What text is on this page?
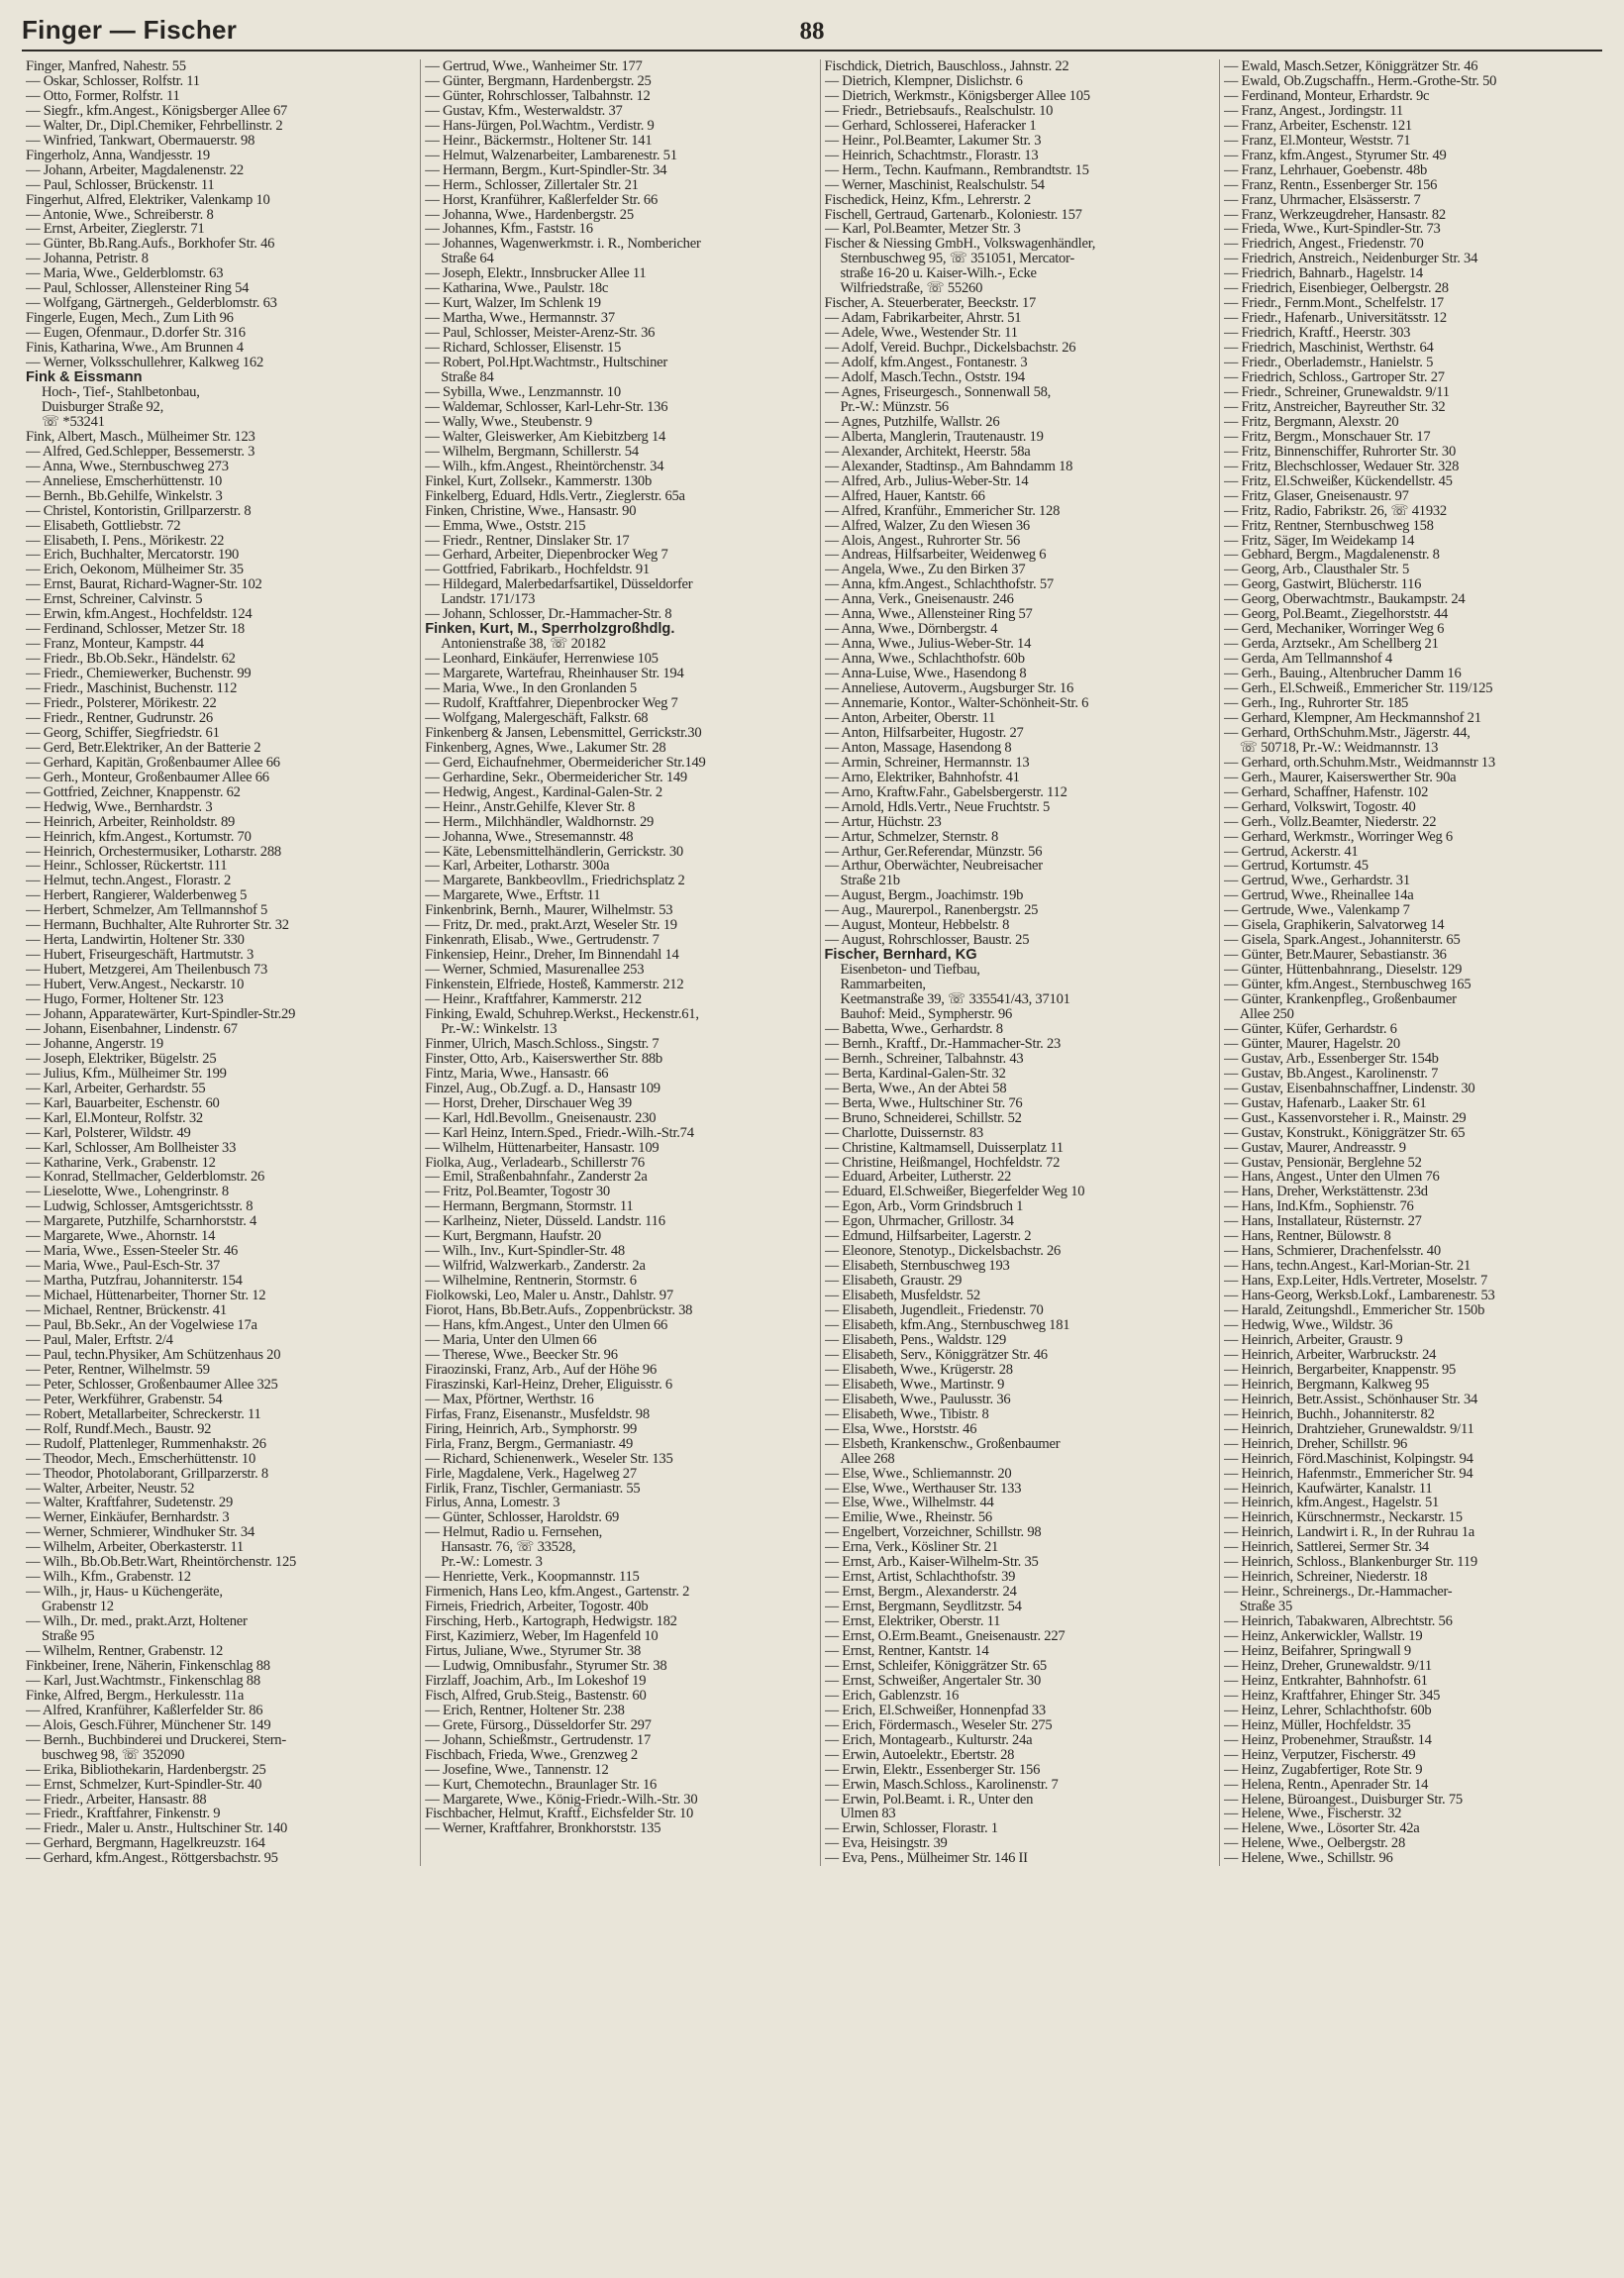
Finger — Fischer	88
Finger, Manfred, Nahestr. 55
— Oskar, Schlosser, Rolfstr. 11
— Otto, Former, Rolfstr. 11
— Siegfr., kfm.Angest., Königsberger Allee 67
— Walter, Dr., Dipl.Chemiker, Fehrbellinstr. 2
— Winfried, Tankwart, Obermauerstr. 98
Fingerholz, Anna, Wandjesstr. 19
— Johann, Arbeiter, Magdalenenstr. 22
— Paul, Schlosser, Brückenstr. 11
Fingerhut, Alfred, Elektriker, Valenkamp 10
— Antonie, Wwe., Schreiberstr. 8
— Ernst, Arbeiter, Zieglerstr. 71
— Günter, Bb.Rang.Aufs., Borkhofer Str. 46
— Johanna, Petristr. 8
— Maria, Wwe., Gelderblomstr. 63
— Paul, Schlosser, Allensteiner Ring 54
— Wolfgang, Gärtnergeh., Gelderblomstr. 63
Fingerle, Eugen, Mech., Zum Lith 96
— Eugen, Ofenmaur., D.dorfer Str. 316
Finis, Katharina, Wwe., Am Brunnen 4
— Werner, Volksschullehrer, Kalkweg 162
Fink & Eissmann
Hoch-, Tief-, Stahlbetonbau,
Duisburger Straße 92,
☏ *53241
Fink, Albert, Masch., Mülheimer Str. 123
— Alfred, Ged.Schlepper, Bessemerstr. 3
— Anna, Wwe., Sternbuschweg 273
— Anneliese, Emscherhüttenstr. 10
— Bernh., Bb.Gehilfe, Winkelstr. 3
— Christel, Kontoristin, Grillparzerstr. 8
— Elisabeth, Gottliebstr. 72
— Elisabeth, I. Pens., Mörikestr. 22
— Erich, Buchhalter, Mercatorstr. 190
— Erich, Oekonom, Mülheimer Str. 35
— Ernst, Baurat, Richard-Wagner-Str. 102
— Ernst, Schreiner, Calvinstr. 5
— Erwin, kfm.Angest., Hochfeldstr. 124
— Ferdinand, Schlosser, Metzer Str. 18
— Franz, Monteur, Kampstr. 44
— Friedr., Bb.Ob.Sekr., Händelstr. 62
— Friedr., Chemiewerker, Buchenstr. 99
— Friedr., Maschinist, Buchenstr. 112
— Friedr., Polsterer, Mörikestr. 22
— Friedr., Rentner, Gudrunstr. 26
— Georg, Schiffer, Siegfriedstr. 61
— Gerd, Betr.Elektriker, An der Batterie 2
— Gerhard, Kapitän, Großenbaumer Allee 66
— Gerh., Monteur, Großenbaumer Allee 66
— Gottfried, Zeichner, Knappenstr. 62
— Hedwig, Wwe., Bernhardstr. 3
— Heinrich, Arbeiter, Reinholdstr. 89
— Heinrich, kfm.Angest., Kortumstr. 70
— Heinrich, Orchestermusiker, Lotharstr. 288
— Heinr., Schlosser, Rückertstr. 111
— Helmut, techn.Angest., Florastr. 2
— Herbert, Rangierer, Walderbenweg 5
— Herbert, Schmelzer, Am Tellmannshof 5
— Hermann, Buchhalter, Alte Ruhrorter Str. 32
— Herta, Landwirtin, Holtener Str. 330
— Hubert, Friseurgeschäft, Hartmutstr. 3
— Hubert, Metzgerei, Am Theilenbusch 73
— Hubert, Verw.Angest., Neckarstr. 10
— Hugo, Former, Holtener Str. 123
— Johann, Apparatewärter, Kurt-Spindler-Str.29
— Johann, Eisenbahner, Lindenstr. 67
— Johanne, Angerstr. 19
— Joseph, Elektriker, Bügelstr. 25
— Julius, Kfm., Mülheimer Str. 199
— Karl, Arbeiter, Gerhardstr. 55
— Karl, Bauarbeiter, Eschenstr. 60
— Karl, El.Monteur, Rolfstr. 32
— Karl, Polsterer, Wildstr. 49
— Karl, Schlosser, Am Bollheister 33
— Katharine, Verk., Grabenstr. 12
— Konrad, Stellmacher, Gelderblomstr. 26
— Lieselotte, Wwe., Lohengrinstr. 8
— Ludwig, Schlosser, Amtsgerichtsstr. 8
— Margarete, Putzhilfe, Scharnhorststr. 4
— Margarete, Wwe., Ahornstr. 14
— Maria, Wwe., Essen-Steeler Str. 46
— Maria, Wwe., Paul-Esch-Str. 37
— Martha, Putzfrau, Johanniterstr. 154
— Michael, Hüttenarbeiter, Thorner Str. 12
— Michael, Rentner, Brückenstr. 41
— Paul, Bb.Sekr., An der Vogelwiese 17a
— Paul, Maler, Erftstr. 2/4
— Paul, techn.Physiker, Am Schützenhaus 20
— Peter, Rentner, Wilhelmstr. 59
— Peter, Schlosser, Großenbaumer Allee 325
— Peter, Werkführer, Grabenstr. 54
— Robert, Metallarbeiter, Schreckerstr. 11
— Rolf, Rundf.Mech., Baustr. 92
— Rudolf, Plattenleger, Rummenhakstr. 26
— Theodor, Mech., Emscherhüttenstr. 10
— Theodor, Photolaborant, Grillparzerstr. 8
— Walter, Arbeiter, Neustr. 52
— Walter, Kraftfahrer, Sudetenstr. 29
— Werner, Einkäufer, Bernhardstr. 3
— Werner, Schmierer, Windhuker Str. 34
— Wilhelm, Arbeiter, Oberkasterstr. 11
— Wilh., Bb.Ob.Betr.Wart, Rheintörchenstr. 125
— Wilh., Kfm., Grabenstr. 12
— Wilh., jr, Haus- u Küchengeräte,
Grabenstr 12
— Wilh., Dr. med., prakt.Arzt, Holtener
Straße 95
— Wilhelm, Rentner, Grabenstr. 12
Finkbeiner, Irene, Näherin, Finkenschlag 88
— Karl, Just.Wachtmstr., Finkenschlag 88
Finke, Alfred, Bergm., Herkulesstr. 11a
— Alfred, Kranführer, Kaßlerfelder Str. 86
— Alois, Gesch.Führer, Münchener Str. 149
— Bernh., Buchbinderei und Druckerei, Stern-
buschweg 98, ☏ 352090
— Erika, Bibliothekarin, Hardenbergstr. 25
— Ernst, Schmelzer, Kurt-Spindler-Str. 40
— Friedr., Arbeiter, Hansastr. 88
— Friedr., Kraftfahrer, Finkenstr. 9
— Friedr., Maler u. Anstr., Hultschiner Str. 140
— Gerhard, Bergmann, Hagelkreuzstr. 164
— Gerhard, kfm.Angest., Röttgersbachstr. 95
— Gertrud, Wwe., Wanheimer Str. 177
— Günter, Bergmann, Hardenbergstr. 25
— Günter, Rohrschlosser, Talbahnstr. 12
— Gustav, Kfm., Westerwaldstr. 37
— Hans-Jürgen, Pol.Wachtm., Verdistr. 9
— Heinr., Bäckermstr., Holtener Str. 141
— Helmut, Walzenarbeiter, Lambarenestr. 51
— Hermann, Bergm., Kurt-Spindler-Str. 34
— Herm., Schlosser, Zillertaler Str. 21
— Horst, Kranführer, Kaßlerfelder Str. 66
— Johanna, Wwe., Hardenbergstr. 25
— Johannes, Kfm., Faststr. 16
— Johannes, Wagenwerkmstr. i. R., Nombericher
Straße 64
— Joseph, Elektr., Innsbrucker Allee 11
— Katharina, Wwe., Paulstr. 18c
— Kurt, Walzer, Im Schlenk 19
— Martha, Wwe., Hermannstr. 37
— Paul, Schlosser, Meister-Arenz-Str. 36
— Richard, Schlosser, Elisenstr. 15
— Robert, Pol.Hpt.Wachtmstr., Hultschiner
Straße 84
— Sybilla, Wwe., Lenzmannstr. 10
— Waldemar, Schlosser, Karl-Lehr-Str. 136
— Wally, Wwe., Steubenstr. 9
— Walter, Gleiswerker, Am Kiebitzberg 14
— Wilhelm, Bergmann, Schillerstr. 54
— Wilh., kfm.Angest., Rheintörchenstr. 34
Finkel, Kurt, Zollsekr., Kammerstr. 130b
Finkelberg, Eduard, Hdls.Vertr., Zieglerstr. 65a
Finken, Christine, Wwe., Hansastr. 90
— Emma, Wwe., Oststr. 215
— Friedr., Rentner, Dinslaker Str. 17
— Gerhard, Arbeiter, Diepenbrocker Weg 7
— Gottfried, Fabrikarb., Hochfeldstr. 91
— Hildegard, Malerbedarfsartikel, Düsseldorfer
Landstr. 171/173
— Johann, Schlosser, Dr.-Hammacher-Str. 8
Finken, Kurt, M., Sperrholzgroßhdlg.
Antonienstraße 38, ☏ 20182
— Leonhard, Einkäufer, Herrenwiese 105
— Margarete, Wartefrau, Rheinhauser Str. 194
— Maria, Wwe., In den Gronlanden 5
— Rudolf, Kraftfahrer, Diepenbrocker Weg 7
— Wolfgang, Malergeschäft, Falkstr. 68
Finkenberg & Jansen, Lebensmittel, Gerrickstr.30
Finkenberg, Agnes, Wwe., Lakumer Str. 28
— Gerd, Eichaufnehmer, Obermeidericher Str.149
— Gerhardine, Sekr., Obermeidericher Str. 149
— Hedwig, Angest., Kardinal-Galen-Str. 2
— Heinr., Anstr.Gehilfe, Klever Str. 8
— Herm., Milchhändler, Waldhornstr. 29
— Johanna, Wwe., Stresemannstr. 48
— Käte, Lebensmittelhändlerin, Gerrickstr. 30
— Karl, Arbeiter, Lotharstr. 300a
— Margarete, Bankbeovllm., Friedrichsplatz 2
— Margarete, Wwe., Erftstr. 11
Finkenbrink, Bernh., Maurer, Wilhelmstr. 53
— Fritz, Dr. med., prakt.Arzt, Weseler Str. 19
Finkenrath, Elisab., Wwe., Gertrudenstr. 7
Finkensiep, Heinr., Dreher, Im Binnendahl 14
— Werner, Schmied, Masurenallee 253
Finkenstein, Elfriede, Hosteß, Kammerstr. 212
— Heinr., Kraftfahrer, Kammerstr. 212
Finking, Ewald, Schuhrep.Werkst., Heckenstr.61,
Pr.-W.: Winkelstr. 13
Finmer, Ulrich, Masch.Schloss., Singstr. 7
Finster, Otto, Arb., Kaiserswerther Str. 88b
Fintz, Maria, Wwe., Hansastr. 66
Finzel, Aug., Ob.Zugf. a. D., Hansastr 109
— Horst, Dreher, Dirschauer Weg 39
— Karl, Hdl.Bevollm., Gneisenaustr. 230
— Karl Heinz, Intern.Sped., Friedr.-Wilh.-Str.74
— Wilhelm, Hüttenarbeiter, Hansastr. 109
Fiolka, Aug., Verladearb., Schillerstr 76
— Emil, Straßenbahnfahr., Zanderstr 2a
— Fritz, Pol.Beamter, Togostr 30
— Hermann, Bergmann, Stormstr. 11
— Karlheinz, Nieter, Düsseld. Landstr. 116
— Kurt, Bergmann, Haufstr. 20
— Wilh., Inv., Kurt-Spindler-Str. 48
— Wilfrid, Walzwerkarb., Zanderstr. 2a
— Wilhelmine, Rentnerin, Stormstr. 6
Fiolkowski, Leo, Maler u. Anstr., Dahlstr. 97
Fiorot, Hans, Bb.Betr.Aufs., Zoppenbrückstr. 38
— Hans, kfm.Angest., Unter den Ulmen 66
— Maria, Unter den Ulmen 66
— Therese, Wwe., Beecker Str. 96
Firaozinski, Franz, Arb., Auf der Höhe 96
Firaszinski, Karl-Heinz, Dreher, Eliguisstr. 6
— Max, Pförtner, Werthstr. 16
Firfas, Franz, Eisenanstr., Musfeldstr. 98
Firing, Heinrich, Arb., Symphorstr. 99
Firla, Franz, Bergm., Germaniastr. 49
— Richard, Schienenwerk., Weseler Str. 135
Firle, Magdalene, Verk., Hagelweg 27
Firlik, Franz, Tischler, Germaniastr. 55
Firlus, Anna, Lomestr. 3
— Günter, Schlosser, Haroldstr. 69
— Helmut, Radio u. Fernsehen,
Hansastr. 76, ☏ 33528,
Pr.-W.: Lomestr. 3
— Henriette, Verk., Koopmannstr. 115
Firmenich, Hans Leo, kfm.Angest., Gartenstr. 2
Firneis, Friedrich, Arbeiter, Togostr. 40b
Firsching, Herb., Kartograph, Hedwigstr. 182
First, Kazimierz, Weber, Im Hagenfeld 10
Firtus, Juliane, Wwe., Styrumer Str. 38
— Ludwig, Omnibusfahr., Styrumer Str. 38
Firzlaff, Joachim, Arb., Im Lokeshof 19
Fisch, Alfred, Grub.Steig., Bastenstr. 60
— Erich, Rentner, Holtener Str. 238
— Grete, Fürsorg., Düsseldorfer Str. 297
— Johann, Schießmstr., Gertrudenstr. 17
Fischbach, Frieda, Wwe., Grenzweg 2
— Josefine, Wwe., Tannenstr. 12
— Kurt, Chemotechn., Braunlager Str. 16
— Margarete, Wwe., König-Friedr.-Wilh.-Str. 30
Fischbacher, Helmut, Kraftf., Eichsfelder Str. 10
— Werner, Kraftfahrer, Bronkhorststr. 135
Fischdick, Dietrich, Bauschloss., Jahnstr. 22
— Dietrich, Klempner, Dislichstr. 6
— Dietrich, Werkmstr., Königsberger Allee 105
— Friedr., Betriebsaufs., Realschulstr. 10
— Gerhard, Schlosserei, Haferacker 1
— Heinr., Pol.Beamter, Lakumer Str. 3
— Heinrich, Schachtmstr., Florastr. 13
— Herm., Techn. Kaufmann., Rembrandtstr. 15
— Werner, Maschinist, Realschulstr. 54
Fischedick, Heinz, Kfm., Lehrerstr. 2
Fischell, Gertraud, Gartenarb., Koloniestr. 157
— Karl, Pol.Beamter, Metzer Str. 3
Fischer & Niessing GmbH., Volkswagenhändler,
Sternbuschweg 95, ☏ 351051, Mercator-
straße 16-20 u. Kaiser-Wilh.-, Ecke
Wilfriedstraße, ☏ 55260
Fischer, A. Steuerberater, Beeckstr. 17
— Adam, Fabrikarbeiter, Ahrstr. 51
— Adele, Wwe., Westender Str. 11
— Adolf, Vereid. Buchpr., Dickelsbachstr. 26
— Adolf, kfm.Angest., Fontanestr. 3
— Adolf, Masch.Techn., Oststr. 194
— Agnes, Friseurgesch., Sonnenwall 58,
Pr.-W.: Münzstr. 56
— Agnes, Putzhilfe, Wallstr. 26
— Alberta, Manglerin, Trautenaustr. 19
— Alexander, Architekt, Heerstr. 58a
— Alexander, Stadtinsp., Am Bahndamm 18
— Alfred, Arb., Julius-Weber-Str. 14
— Alfred, Hauer, Kantstr. 66
— Alfred, Kranführ., Emmericher Str. 128
— Alfred, Walzer, Zu den Wiesen 36
— Alois, Angest., Ruhrorter Str. 56
— Andreas, Hilfsarbeiter, Weidenweg 6
— Angela, Wwe., Zu den Birken 37
— Anna, kfm.Angest., Schlachthofstr. 57
— Anna, Verk., Gneisenaustr. 246
— Anna, Wwe., Allensteiner Ring 57
— Anna, Wwe., Dörnbergstr. 4
— Anna, Wwe., Julius-Weber-Str. 14
— Anna, Wwe., Schlachthofstr. 60b
— Anna-Luise, Wwe., Hasendong 8
— Anneliese, Autoverm., Augsburger Str. 16
— Annemarie, Kontor., Walter-Schönheit-Str. 6
— Anton, Arbeiter, Oberstr. 11
— Anton, Hilfsarbeiter, Hugostr. 27
— Anton, Massage, Hasendong 8
— Armin, Schreiner, Hermannstr. 13
— Arno, Elektriker, Bahnhofstr. 41
— Arno, Kraftw.Fahr., Gabelsbergerstr. 112
— Arnold, Hdls.Vertr., Neue Fruchtstr. 5
— Artur, Hüchstr. 23
— Artur, Schmelzer, Sternstr. 8
— Arthur, Ger.Referendar, Münzstr. 56
— Arthur, Oberwächter, Neubreisacher
Straße 21b
— August, Bergm., Joachimstr. 19b
— Aug., Maurerpol., Ranenbergstr. 25
— August, Monteur, Hebbelstr. 8
— August, Rohrschlosser, Baustr. 25
Fischer, Bernhard, KG
Eisenbeton- und Tiefbau,
Rammarbeiten,
Keetmanstraße 39, ☏ 335541/43, 37101
Bauhof: Meid., Sympherstr. 96
— Babetta, Wwe., Gerhardstr. 8
— Bernh., Kraftf., Dr.-Hammacher-Str. 23
— Bernh., Schreiner, Talbahnstr. 43
— Berta, Kardinal-Galen-Str. 32
— Berta, Wwe., An der Abtei 58
— Berta, Wwe., Hultschiner Str. 76
— Bruno, Schneiderei, Schillstr. 52
— Charlotte, Duissernstr. 83
— Christine, Kaltmamsell, Duisserplatz 11
— Christine, Heißmangel, Hochfeldstr. 72
— Eduard, Arbeiter, Lutherstr. 22
— Eduard, El.Schweißer, Biegerfelder Weg 10
— Egon, Arb., Vorm Grindsbruch 1
— Egon, Uhrmacher, Grillostr. 34
— Edmund, Hilfsarbeiter, Lagerstr. 2
— Eleonore, Stenotyp., Dickelsbachstr. 26
— Elisabeth, Sternbuschweg 193
— Elisabeth, Graustr. 29
— Elisabeth, Musfeldstr. 52
— Elisabeth, Jugendleit., Friedenstr. 70
— Elisabeth, kfm.Ang., Sternbuschweg 181
— Elisabeth, Pens., Waldstr. 129
— Elisabeth, Serv., Königgrätzer Str. 46
— Elisabeth, Wwe., Krügerstr. 28
— Elisabeth, Wwe., Martinstr. 9
— Elisabeth, Wwe., Paulusstr. 36
— Elisabeth, Wwe., Tibistr. 8
— Elsa, Wwe., Horststr. 46
— Elsbeth, Krankenschw., Großenbaumer
Allee 268
— Else, Wwe., Schliemannstr. 20
— Else, Wwe., Werthauser Str. 133
— Else, Wwe., Wilhelmstr. 44
— Emilie, Wwe., Rheinstr. 56
— Engelbert, Vorzeichner, Schillstr. 98
— Erna, Verk., Kösliner Str. 21
— Ernst, Arb., Kaiser-Wilhelm-Str. 35
— Ernst, Artist, Schlachthofstr. 39
— Ernst, Bergm., Alexanderstr. 24
— Ernst, Bergmann, Seydlitzstr. 54
— Ernst, Elektriker, Oberstr. 11
— Ernst, O.Erm.Beamt., Gneisenaustr. 227
— Ernst, Rentner, Kantstr. 14
— Ernst, Schleifer, Königgrätzer Str. 65
— Ernst, Schweißer, Angertaler Str. 30
— Erich, Gablenzstr. 16
— Erich, El.Schweißer, Honnenpfad 33
— Erich, Fördermasch., Weseler Str. 275
— Erich, Montagearb., Kulturstr. 24a
— Erwin, Autoelektr., Ebertstr. 28
— Erwin, Elektr., Essenberger Str. 156
— Erwin, Masch.Schloss., Karolinenstr. 7
— Erwin, Pol.Beamt. i. R., Unter den
Ulmen 83
— Erwin, Schlosser, Florastr. 1
— Eva, Heisingstr. 39
— Eva, Pens., Mülheimer Str. 146 II
— Ewald, Masch.Setzer, Königgrätzer Str. 46
— Ewald, Ob.Zugschaffn., Herm.-Grothe-Str. 50
— Ferdinand, Monteur, Erhardstr. 9c
— Franz, Angest., Jordingstr. 11
— Franz, Arbeiter, Eschenstr. 121
— Franz, El.Monteur, Weststr. 71
— Franz, kfm.Angest., Styrumer Str. 49
— Franz, Lehrhauer, Goebenstr. 48b
— Franz, Rentn., Essenberger Str. 156
— Franz, Uhrmacher, Elsässerstr. 7
— Franz, Werkzeugdreher, Hansastr. 82
— Frieda, Wwe., Kurt-Spindler-Str. 73
— Friedrich, Angest., Friedenstr. 70
— Friedrich, Anstreich., Neidenburger Str. 34
— Friedrich, Bahnarb., Hagelstr. 14
— Friedrich, Eisenbieger, Oelbergstr. 28
— Friedr., Fernm.Mont., Schelfelstr. 17
— Friedr., Hafenarb., Universitätsstr. 12
— Friedrich, Kraftf., Heerstr. 303
— Friedrich, Maschinist, Werthstr. 64
— Friedr., Oberlademstr., Hanielstr. 5
— Friedrich, Schloss., Gartroper Str. 27
— Friedr., Schreiner, Grunewaldstr. 9/11
— Fritz, Anstreicher, Bayreuther Str. 32
— Fritz, Bergmann, Alexstr. 20
— Fritz, Bergm., Monschauer Str. 17
— Fritz, Binnenschiffer, Ruhrorter Str. 30
— Fritz, Blechschlosser, Wedauer Str. 328
— Fritz, El.Schweißer, Kückendellstr. 45
— Fritz, Glaser, Gneisenaustr. 97
— Fritz, Radio, Fabrikstr. 26, ☏ 41932
— Fritz, Rentner, Sternbuschweg 158
— Fritz, Säger, Im Weidekamp 14
— Gebhard, Bergm., Magdalenenstr. 8
— Georg, Arb., Clausthaler Str. 5
— Georg, Gastwirt, Blücherstr. 116
— Georg, Oberwachtmstr., Baukampstr. 24
— Georg, Pol.Beamt., Ziegelhorststr. 44
— Gerd, Mechaniker, Worringer Weg 6
— Gerda, Arztsekr., Am Schellberg 21
— Gerda, Am Tellmannshof 4
— Gerh., Bauing., Altenbrucher Damm 16
— Gerh., El.Schweiß., Emmericher Str. 119/125
— Gerh., Ing., Ruhrorter Str. 185
— Gerhard, Klempner, Am Heckmannshof 21
— Gerhard, OrthSchuhm.Mstr., Jägerstr. 44,
☏ 50718, Pr.-W.: Weidmannstr. 13
— Gerhard, orth.Schuhm.Mstr., Weidmannstr 13
— Gerh., Maurer, Kaiserswerther Str. 90a
— Gerhard, Schaffner, Hafenstr. 102
— Gerhard, Volkswirt, Togostr. 40
— Gerh., Vollz.Beamter, Niederstr. 22
— Gerhard, Werkmstr., Worringer Weg 6
— Gertrud, Ackerstr. 41
— Gertrud, Kortumstr. 45
— Gertrud, Wwe., Gerhardstr. 31
— Gertrud, Wwe., Rheinallee 14a
— Gertrude, Wwe., Valenkamp 7
— Gisela, Graphikerin, Salvatorweg 14
— Gisela, Spark.Angest., Johanniterstr. 65
— Günter, Betr.Maurer, Sebastianstr. 36
— Günter, Hüttenbahnrang., Dieselstr. 129
— Günter, kfm.Angest., Sternbuschweg 165
— Günter, Krankenpfleg., Großenbaumer
Allee 250
— Günter, Küfer, Gerhardstr. 6
— Günter, Maurer, Hagelstr. 20
— Gustav, Arb., Essenberger Str. 154b
— Gustav, Bb.Angest., Karolinenstr. 7
— Gustav, Eisenbahnschaffner, Lindenstr. 30
— Gustav, Hafenarb., Laaker Str. 61
— Gust., Kassenvorsteher i. R., Mainstr. 29
— Gustav, Konstrukt., Königgrätzer Str. 65
— Gustav, Maurer, Andreasstr. 9
— Gustav, Pensionär, Berglehne 52
— Hans, Angest., Unter den Ulmen 76
— Hans, Dreher, Werkstättenstr. 23d
— Hans, Ind.Kfm., Sophienstr. 76
— Hans, Installateur, Rüsternstr. 27
— Hans, Rentner, Bülowstr. 8
— Hans, Schmierer, Drachenfelsstr. 40
— Hans, techn.Angest., Karl-Morian-Str. 21
— Hans, Exp.Leiter, Hdls.Vertreter, Moselstr. 7
— Hans-Georg, Werksb.Lokf., Lambarenestr. 53
— Harald, Zeitungshdl., Emmericher Str. 150b
— Hedwig, Wwe., Wildstr. 36
— Heinrich, Arbeiter, Graustr. 9
— Heinrich, Arbeiter, Warbruckstr. 24
— Heinrich, Bergarbeiter, Knappenstr. 95
— Heinrich, Bergmann, Kalkweg 95
— Heinrich, Betr.Assist., Schönhauser Str. 34
— Heinrich, Buchh., Johanniterstr. 82
— Heinrich, Drahtzieher, Grunewaldstr. 9/11
— Heinrich, Dreher, Schillstr. 96
— Heinrich, Förd.Maschinist, Kolpingstr. 94
— Heinrich, Hafenmstr., Emmericher Str. 94
— Heinrich, Kaufwärter, Kanalstr. 11
— Heinrich, kfm.Angest., Hagelstr. 51
— Heinrich, Kürschnermstr., Neckarstr. 15
— Heinrich, Landwirt i. R., In der Ruhrau 1a
— Heinrich, Sattlerei, Sermer Str. 34
— Heinrich, Schloss., Blankenburger Str. 119
— Heinrich, Schreiner, Niederstr. 18
— Heinr., Schreinergs., Dr.-Hammacher-
Straße 35
— Heinrich, Tabakwaren, Albrechtstr. 56
— Heinz, Ankerwickler, Wallstr. 19
— Heinz, Beifahrer, Springwall 9
— Heinz, Dreher, Grunewaldstr. 9/11
— Heinz, Entkrahter, Bahnhofstr. 61
— Heinz, Kraftfahrer, Ehinger Str. 345
— Heinz, Lehrer, Schlachthofstr. 60b
— Heinz, Müller, Hochfeldstr. 35
— Heinz, Probenehmer, Straußstr. 14
— Heinz, Verputzer, Fischerstr. 49
— Heinz, Zugabfertiger, Rote Str. 9
— Helena, Rentn., Apenrader Str. 14
— Helene, Büroangest., Duisburger Str. 75
— Helene, Wwe., Fischerstr. 32
— Helene, Wwe., Lösorter Str. 42a
— Helene, Wwe., Oelbergstr. 28
— Helene, Wwe., Schillstr. 96
